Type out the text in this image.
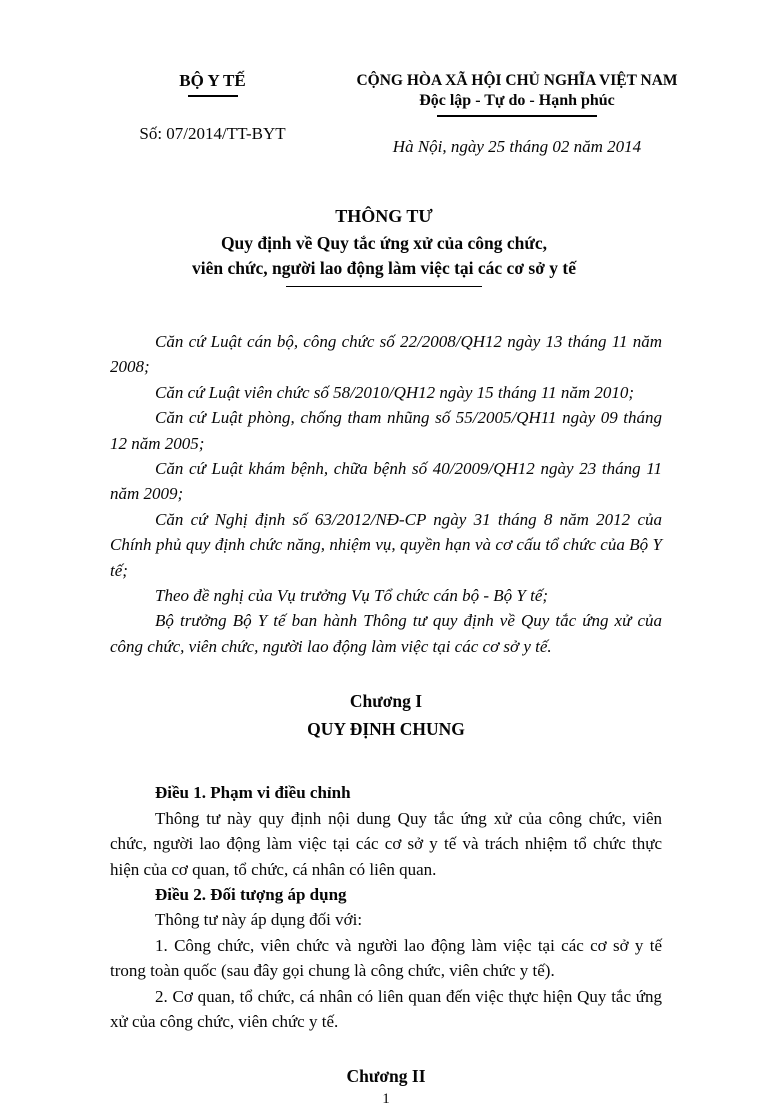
BỘ Y TẾ
Số: 07/2014/TT-BYT
CỘNG HÒA XÃ HỘI CHỦ NGHĨA VIỆT NAM
Độc lập - Tự do - Hạnh phúc
Hà Nội, ngày 25 tháng 02 năm 2014
THÔNG TƯ
Quy định về Quy tắc ứng xử của công chức,
viên chức, người lao động làm việc tại các cơ sở y tế

Căn cứ Luật cán bộ, công chức số 22/2008/QH12 ngày 13 tháng 11 năm 2008;

Căn cứ Luật viên chức số 58/2010/QH12 ngày 15 tháng 11 năm 2010;

Căn cứ Luật phòng, chống tham nhũng số 55/2005/QH11 ngày 09 tháng 12 năm 2005;

Căn cứ Luật khám bệnh, chữa bệnh số 40/2009/QH12 ngày 23 tháng 11 năm 2009;

Căn cứ Nghị định số 63/2012/NĐ-CP ngày 31 tháng 8 năm 2012 của Chính phủ quy định chức năng, nhiệm vụ, quyền hạn và cơ cấu tổ chức của Bộ Y tế;

Theo đề nghị của Vụ trưởng Vụ Tổ chức cán bộ - Bộ Y tế;

Bộ trưởng Bộ Y tế ban hành Thông tư quy định về Quy tắc ứng xử của công chức, viên chức, người lao động làm việc tại các cơ sở y tế.

Chương I
QUY ĐỊNH CHUNG
Điều 1. Phạm vi điều chỉnh

Thông tư này quy định nội dung Quy tắc ứng xử của công chức, viên chức, người lao động làm việc tại các cơ sở y tế và trách nhiệm tổ chức thực hiện của cơ quan, tổ chức, cá nhân có liên quan.

Điều 2. Đối tượng áp dụng

Thông tư này áp dụng đối với:

1. Công chức, viên chức và người lao động làm việc tại các cơ sở y tế trong toàn quốc (sau đây gọi chung là công chức, viên chức y tế).

2. Cơ quan, tổ chức, cá nhân có liên quan đến việc thực hiện Quy tắc ứng xử của công chức, viên chức y tế.

Chương II
1
